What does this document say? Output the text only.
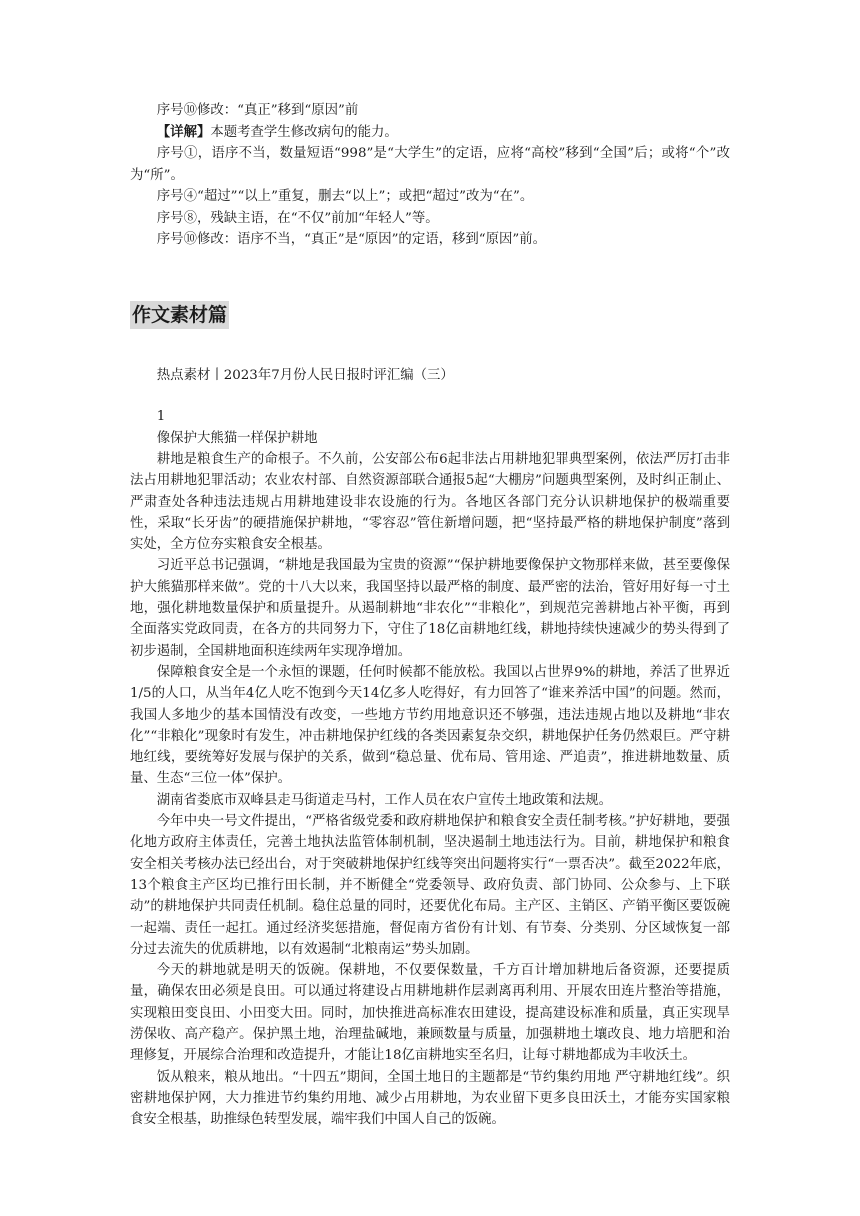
序号⑩修改：“真正”移到“原因”前

【详解】本题考查学生修改病句的能力。

序号①，语序不当，数量短语“998”是“大学生”的定语，应将“高校”移到“全国”后；或将“个”改为“所”。

序号④“超过”“以上”重复，删去“以上”；或把“超过”改为“在”。

序号⑧，残缺主语，在“不仅”前加“年轻人”等。

序号⑩修改：语序不当，“真正”是“原因”的定语，移到“原因”前。

作文素材篇

热点素材丨2023年7月份人民日报时评汇编（三）

1

像保护大熊猫一样保护耕地

耕地是粮食生产的命根子。不久前，公安部公布6起非法占用耕地犯罪典型案例，依法严厉打击非法占用耕地犯罪活动；农业农村部、自然资源部联合通报5起“大棚房”问题典型案例，及时纠正制止、严肃查处各种违法违规占用耕地建设非农设施的行为。各地区各部门充分认识耕地保护的极端重要性，采取“长牙齿”的硬措施保护耕地，“零容忍”管住新增问题，把“坚持最严格的耕地保护制度”落到实处，全方位夯实粮食安全根基。

习近平总书记强调，“耕地是我国最为宝贵的资源”“保护耕地要像保护文物那样来做，甚至要像保护大熊猫那样来做”。党的十八大以来，我国坚持以最严格的制度、最严密的法治，管好用好每一寸土地，强化耕地数量保护和质量提升。从遏制耕地“非农化”“非粮化”，到规范完善耕地占补平衡，再到全面落实党政同责，在各方的共同努力下，守住了18亿亩耕地红线，耕地持续快速减少的势头得到了初步遏制，全国耕地面积连续两年实现净增加。

保障粮食安全是一个永恒的课题，任何时候都不能放松。我国以占世界9%的耕地，养活了世界近1/5的人口，从当年4亿人吃不饱到今天14亿多人吃得好，有力回答了“谁来养活中国”的问题。然而，我国人多地少的基本国情没有改变，一些地方节约用地意识还不够强，违法违规占地以及耕地“非农化”“非粮化”现象时有发生，冲击耕地保护红线的各类因素复杂交织，耕地保护任务仍然艰巨。严守耕地红线，要统筹好发展与保护的关系，做到“稳总量、优布局、管用途、严追责”，推进耕地数量、质量、生态“三位一体”保护。

湖南省娄底市双峰县走马街道走马村，工作人员在农户宣传土地政策和法规。

今年中央一号文件提出，“严格省级党委和政府耕地保护和粮食安全责任制考核。”护好耕地，要强化地方政府主体责任，完善土地执法监管体制机制，坚决遏制土地违法行为。目前，耕地保护和粮食安全相关考核办法已经出台，对于突破耕地保护红线等突出问题将实行“一票否决”。截至2022年底，13个粮食主产区均已推行田长制，并不断健全“党委领导、政府负责、部门协同、公众参与、上下联动”的耕地保护共同责任机制。稳住总量的同时，还要优化布局。主产区、主销区、产销平衡区要饭碗一起端、责任一起扛。通过经济奖惩措施，督促南方省份有计划、有节奏、分类别、分区域恢复一部分过去流失的优质耕地，以有效遏制“北粮南运”势头加剧。

今天的耕地就是明天的饭碗。保耕地，不仅要保数量，千方百计增加耕地后备资源，还要提质量，确保农田必须是良田。可以通过将建设占用耕地耕作层剥离再利用、开展农田连片整治等措施，实现粮田变良田、小田变大田。同时，加快推进高标准农田建设，提高建设标准和质量，真正实现旱涝保收、高产稳产。保护黑土地，治理盐碱地，兼顾数量与质量，加强耕地土壤改良、地力培肥和治理修复，开展综合治理和改造提升，才能让18亿亩耕地实至名归，让每寸耕地都成为丰收沃土。

饭从粮来，粮从地出。“十四五”期间，全国土地日的主题都是“节约集约用地 严守耕地红线”。织密耕地保护网，大力推进节约集约用地、减少占用耕地，为农业留下更多良田沃土，才能夯实国家粮食安全根基，助推绿色转型发展，端牢我们中国人自己的饭碗。
